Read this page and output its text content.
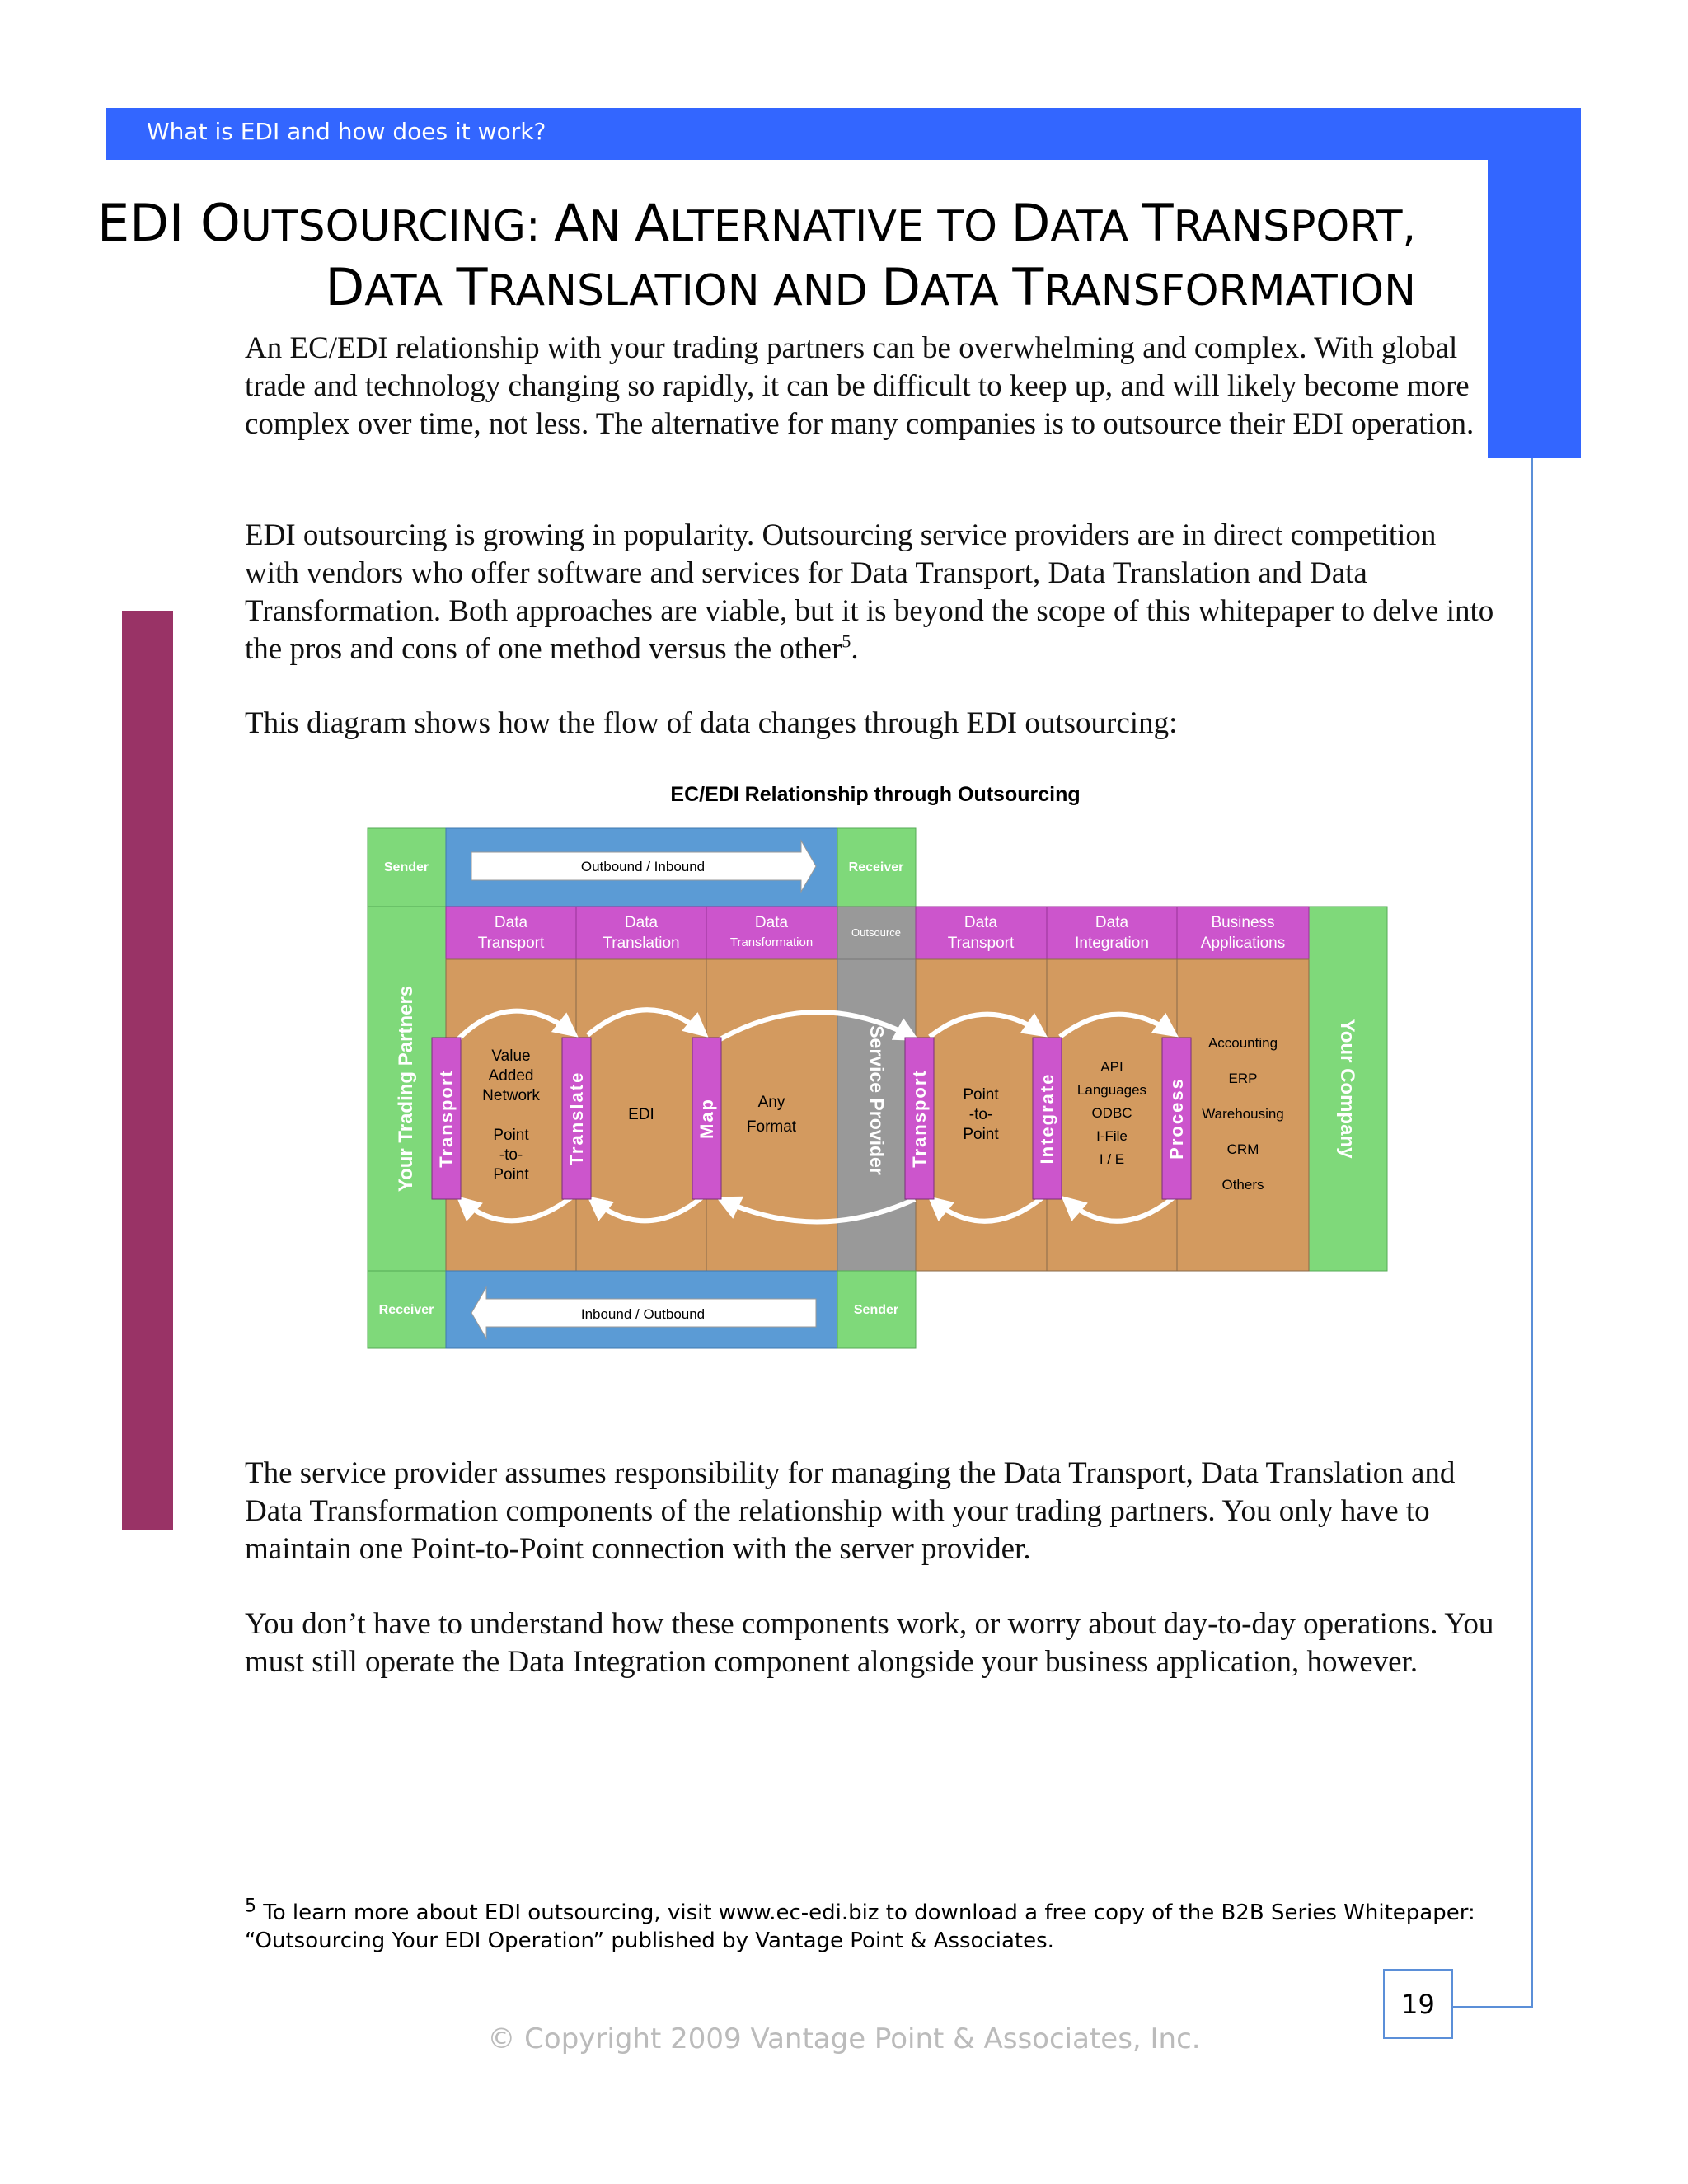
What is EDI and how does it work?
EDI OUTSOURCING: AN ALTERNATIVE TO DATA TRANSPORT,
DATA TRANSLATION AND DATA TRANSFORMATION
An EC/EDI relationship with your trading partners can be overwhelming and complex. With global trade and technology changing so rapidly, it can be difficult to keep up, and will likely become more complex over time, not less. The alternative for many companies is to outsource their EDI operation.
EDI outsourcing is growing in popularity. Outsourcing service providers are in direct competition with vendors who offer software and services for Data Transport, Data Translation and Data Transformation. Both approaches are viable, but it is beyond the scope of this whitepaper to delve into the pros and cons of one method versus the other$^5$.
This diagram shows how the flow of data changes through EDI outsourcing:
EC/EDI Relationship through Outsourcing
Sender	Outbound / Inbound	Receiver
Your Trading Partners	Your Company
Data
Transport
Data
Translation
Data
Transformation
Outsource
Data
Transport
Data
Integration
Business
Applications
Service Provider
Transport	Translate	Map	Transport	Integrate	Process
Value
Added
Network
Point
-to-
Point
EDI
Any
Format
Point
-to-
Point
API
Languages
ODBC
I-File
I / E
Accounting
ERP
Warehousing
CRM
Others
Receiver	Inbound / Outbound	Sender
The service provider assumes responsibility for managing the Data Transport, Data Translation and Data Transformation components of the relationship with your trading partners. You only have to maintain one Point-to-Point connection with the server provider.
You don’t have to understand how these components work, or worry about day-to-day operations. You must still operate the Data Integration component alongside your business application, however.
$^5$ To learn more about EDI outsourcing, visit www.ec-edi.biz to download a free copy of the B2B Series Whitepaper: “Outsourcing Your EDI Operation” published by Vantage Point & Associates.
19
© Copyright 2009 Vantage Point & Associates, Inc.
